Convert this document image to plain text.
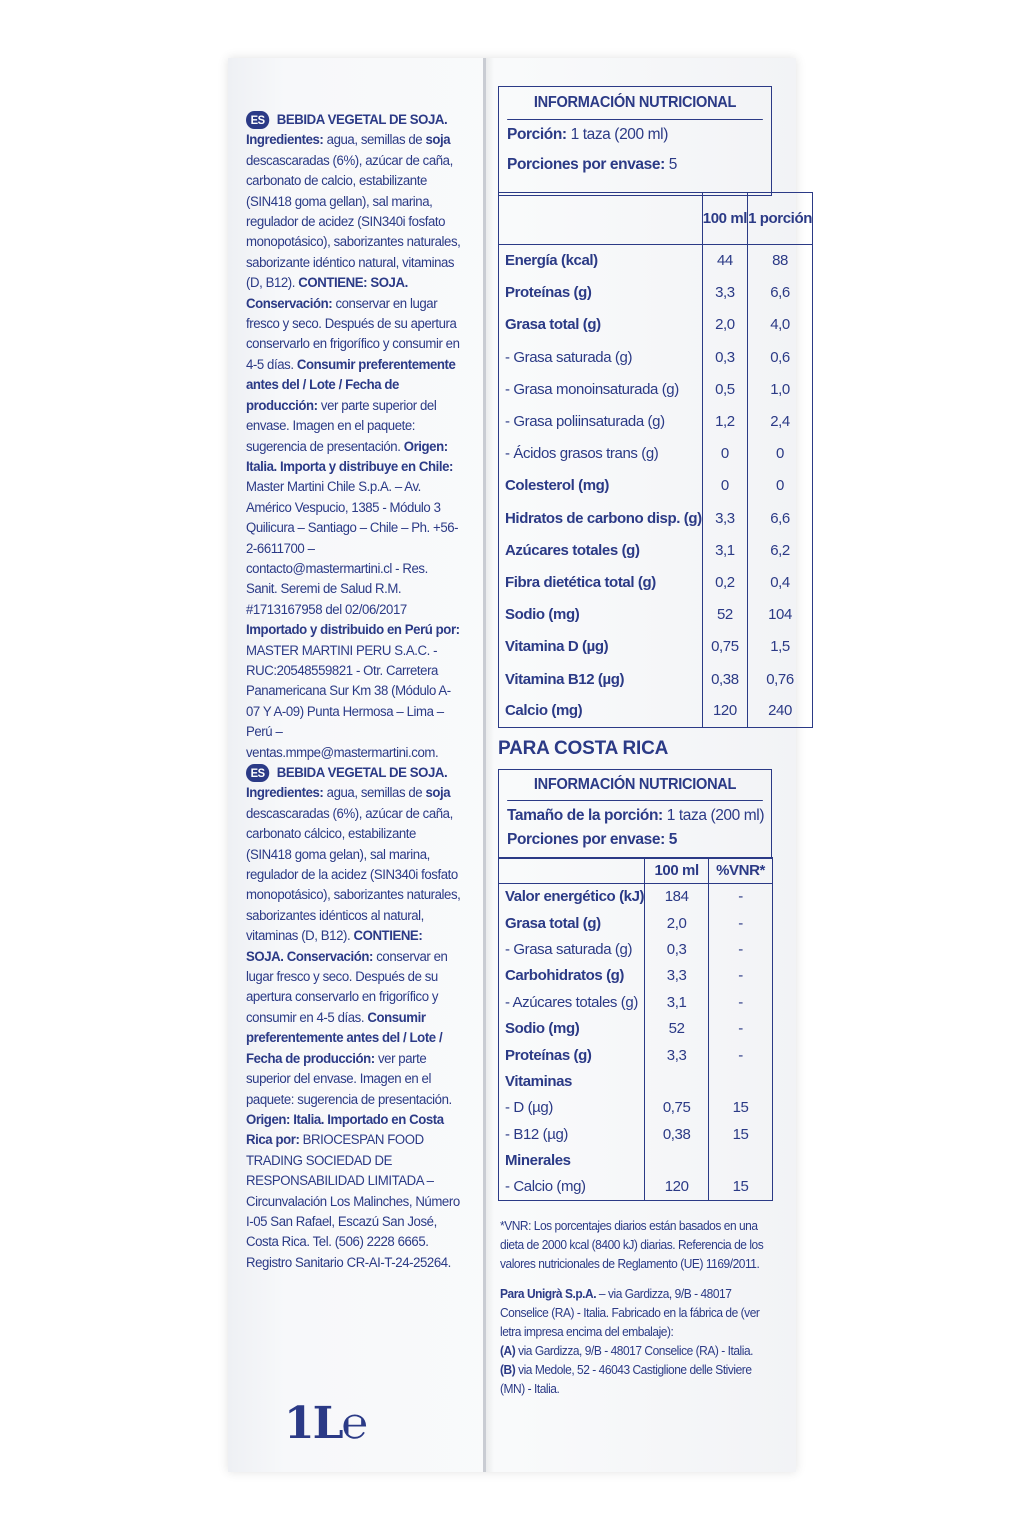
ES BEBIDA VEGETAL DE SOJA.
Ingredientes: agua, semillas de soja descascaradas (6%), azúcar de caña, carbonato de calcio, estabilizante (SIN418 goma gellan), sal marina, regulador de acidez (SIN340i fosfato monopotásico), saborizantes naturales, saborizante idéntico natural, vitaminas (D, B12). CONTIENE: SOJA. Conservación: conservar en lugar fresco y seco. Después de su apertura conservarlo en frigorífico y consumir en 4-5 días. Consumir preferentemente antes del / Lote / Fecha de producción: ver parte superior del envase. Imagen en el paquete: sugerencia de presentación. Origen: Italia. Importa y distribuye en Chile: Master Martini Chile S.p.A. – Av. Américo Vespucio, 1385 - Módulo 3 Quilicura – Santiago – Chile – Ph. +56-2-6611700 – contacto@mastermartini.cl - Res. Sanit. Seremi de Salud R.M. #1713167958 del 02/06/2017 Importado y distribuido en Perú por: MASTER MARTINI PERU S.A.C. - RUC:20548559821 - Otr. Carretera Panamericana Sur Km 38 (Módulo A-07 Y A-09) Punta Hermosa – Lima – Perú – ventas.mmpe@mastermartini.com.

ES BEBIDA VEGETAL DE SOJA.
Ingredientes: agua, semillas de soja descascaradas (6%), azúcar de caña, carbonato cálcico, estabilizante (SIN418 goma gelan), sal marina, regulador de la acidez (SIN340i fosfato monopotásico), saborizantes naturales, saborizantes idénticos al natural, vitaminas (D, B12). CONTIENE: SOJA. Conservación: conservar en lugar fresco y seco. Después de su apertura conservarlo en frigorífico y consumir en 4-5 días. Consumir preferentemente antes del / Lote / Fecha de producción: ver parte superior del envase. Imagen en el paquete: sugerencia de presentación. Origen: Italia. Importado en Costa Rica por: BRIOCESPAN FOOD TRADING SOCIEDAD DE RESPONSABILIDAD LIMITADA – Circunvalación Los Malinches, Número I-05 San Rafael, Escazú San José, Costa Rica. Tel. (506) 2228 6665. Registro Sanitario CR-AI-T-24-25264.

1L℮
INFORMACIÓN NUTRICIONAL
Porción: 1 taza (200 ml)
Porciones por envase: 5
	100 ml	1 porción
Energía (kcal)	44	88
Proteínas (g)	3,3	6,6
Grasa total (g)	2,0	4,0
- Grasa saturada (g)	0,3	0,6
- Grasa monoinsaturada (g)	0,5	1,0
- Grasa poliinsaturada (g)	1,2	2,4
- Ácidos grasos trans (g)	0	0
Colesterol (mg)	0	0
Hidratos de carbono disp. (g)	3,3	6,6
Azúcares totales (g)	3,1	6,2
Fibra dietética total (g)	0,2	0,4
Sodio (mg)	52	104
Vitamina D (µg)	0,75	1,5
Vitamina B12 (µg)	0,38	0,76
Calcio (mg)	120	240
PARA COSTA RICA
INFORMACIÓN NUTRICIONAL
Tamaño de la porción: 1 taza (200 ml)
Porciones por envase: 5
	100 ml	%VNR*
Valor energético (kJ)	184	-
Grasa total (g)	2,0	-
- Grasa saturada (g)	0,3	-
Carbohidratos (g)	3,3	-
- Azúcares totales (g)	3,1	-
Sodio (mg)	52	-
Proteínas (g)	3,3	-
Vitaminas		
- D (µg)	0,75	15
- B12 (µg)	0,38	15
Minerales		
- Calcio (mg)	120	15
*VNR: Los porcentajes diarios están basados en una dieta de 2000 kcal (8400 kJ) diarias. Referencia de los valores nutricionales de Reglamento (UE) 1169/2011.

Para Unigrà S.p.A. – via Gardizza, 9/B - 48017 Conselice (RA) - Italia. Fabricado en la fábrica de (ver letra impresa encima del embalaje):

(A) via Gardizza, 9/B - 48017 Conselice (RA) - Italia.

(B) via Medole, 52 - 46043 Castiglione delle Stiviere (MN) - Italia.
